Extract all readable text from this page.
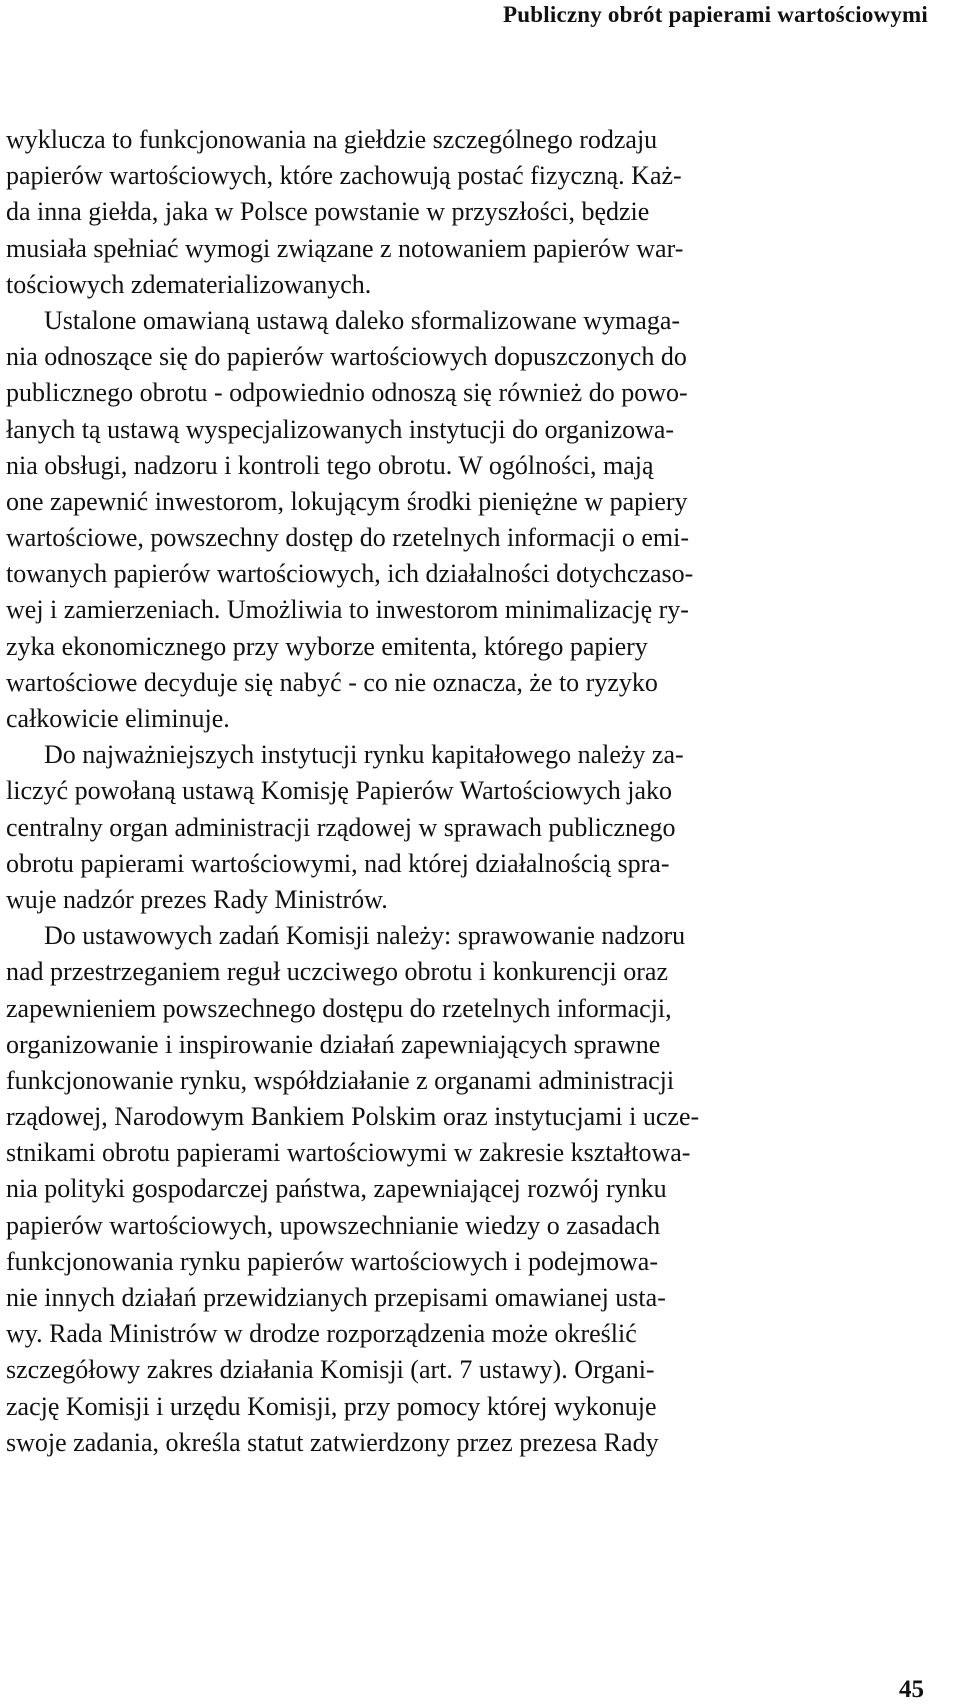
Publiczny obrót papierami wartościowymi

wyklucza to funkcjonowania na giełdzie szczególnego rodzaju
papierów wartościowych, które zachowują postać fizyczną. Każ-
da inna giełda, jaka w Polsce powstanie w przyszłości, będzie
musiała spełniać wymogi związane z notowaniem papierów war-
tościowych zdematerializowanych.
Ustalone omawianą ustawą daleko sformalizowane wymaga-
nia odnoszące się do papierów wartościowych dopuszczonych do
publicznego obrotu - odpowiednio odnoszą się również do powo-
łanych tą ustawą wyspecjalizowanych instytucji do organizowa-
nia obsługi, nadzoru i kontroli tego obrotu. W ogólności, mają
one zapewnić inwestorom, lokującym środki pieniężne w papiery
wartościowe, powszechny dostęp do rzetelnych informacji o emi-
towanych papierów wartościowych, ich działalności dotychczaso-
wej i zamierzeniach. Umożliwia to inwestorom minimalizację ry-
zyka ekonomicznego przy wyborze emitenta, którego papiery
wartościowe decyduje się nabyć - co nie oznacza, że to ryzyko
całkowicie eliminuje.
Do najważniejszych instytucji rynku kapitałowego należy za-
liczyć powołaną ustawą Komisję Papierów Wartościowych jako
centralny organ administracji rządowej w sprawach publicznego
obrotu papierami wartościowymi, nad której działalnością spra-
wuje nadzór prezes Rady Ministrów.
Do ustawowych zadań Komisji należy: sprawowanie nadzoru
nad przestrzeganiem reguł uczciwego obrotu i konkurencji oraz
zapewnieniem powszechnego dostępu do rzetelnych informacji,
organizowanie i inspirowanie działań zapewniających sprawne
funkcjonowanie rynku, współdziałanie z organami administracji
rządowej, Narodowym Bankiem Polskim oraz instytucjami i ucze-
stnikami obrotu papierami wartościowymi w zakresie kształtowa-
nia polityki gospodarczej państwa, zapewniającej rozwój rynku
papierów wartościowych, upowszechnianie wiedzy o zasadach
funkcjonowania rynku papierów wartościowych i podejmowa-
nie innych działań przewidzianych przepisami omawianej usta-
wy. Rada Ministrów w drodze rozporządzenia może określić
szczegółowy zakres działania Komisji (art. 7 ustawy). Organi-
zację Komisji i urzędu Komisji, przy pomocy której wykonuje
swoje zadania, określa statut zatwierdzony przez prezesa Rady

45
